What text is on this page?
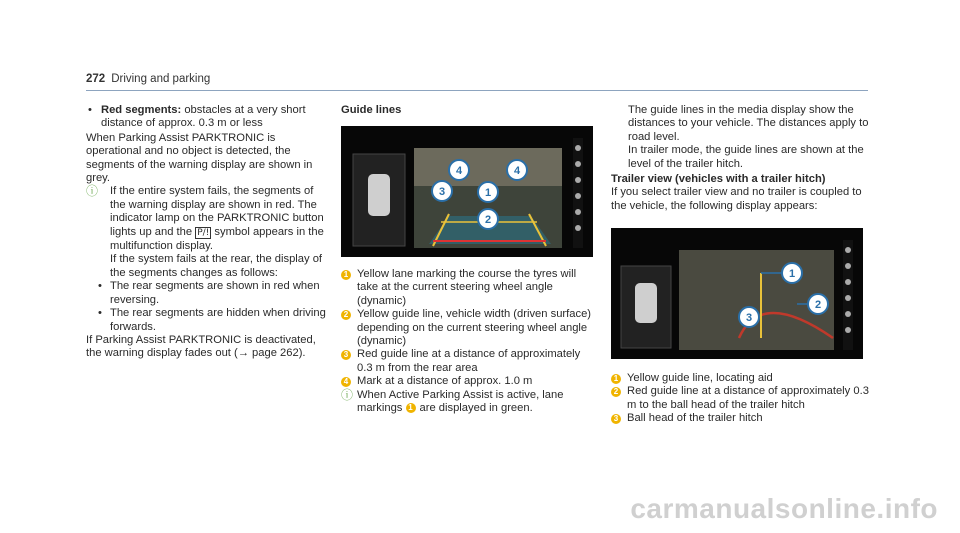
272 Driving and parking

• Red segments: obstacles at a very short distance of approx. 0.3 m or less

When Parking Assist PARKTRONIC is operational and no object is detected, the segments of the warning display are shown in grey.

ⓘ If the entire system fails, the segments of the warning display are shown in red. The indicator lamp on the PARKTRONIC button lights up and the P/! symbol appears in the multifunction display.

If the system fails at the rear, the display of the segments changes as follows:

• The rear segments are shown in red when reversing.

• The rear segments are hidden when driving forwards.

If Parking Assist PARKTRONIC is deactivated, the warning display fades out (→ page 262).

Guide lines

4	4
3	1
2

1 Yellow lane marking the course the tyres will take at the current steering wheel angle (dynamic)

2 Yellow guide line, vehicle width (driven surface) depending on the current steering wheel angle (dynamic)

3 Red guide line at a distance of approximately 0.3 m from the rear area

4 Mark at a distance of approx. 1.0 m

ⓘ When Active Parking Assist is active, lane markings 1 are displayed in green.

The guide lines in the media display show the distances to your vehicle. The distances apply to road level.

In trailer mode, the guide lines are shown at the level of the trailer hitch.

Trailer view (vehicles with a trailer hitch)

If you select trailer view and no trailer is coupled to the vehicle, the following display appears:

1
2
3

1 Yellow guide line, locating aid

2 Red guide line at a distance of approximately 0.3 m to the ball head of the trailer hitch

3 Ball head of the trailer hitch

carmanualsonline.info
